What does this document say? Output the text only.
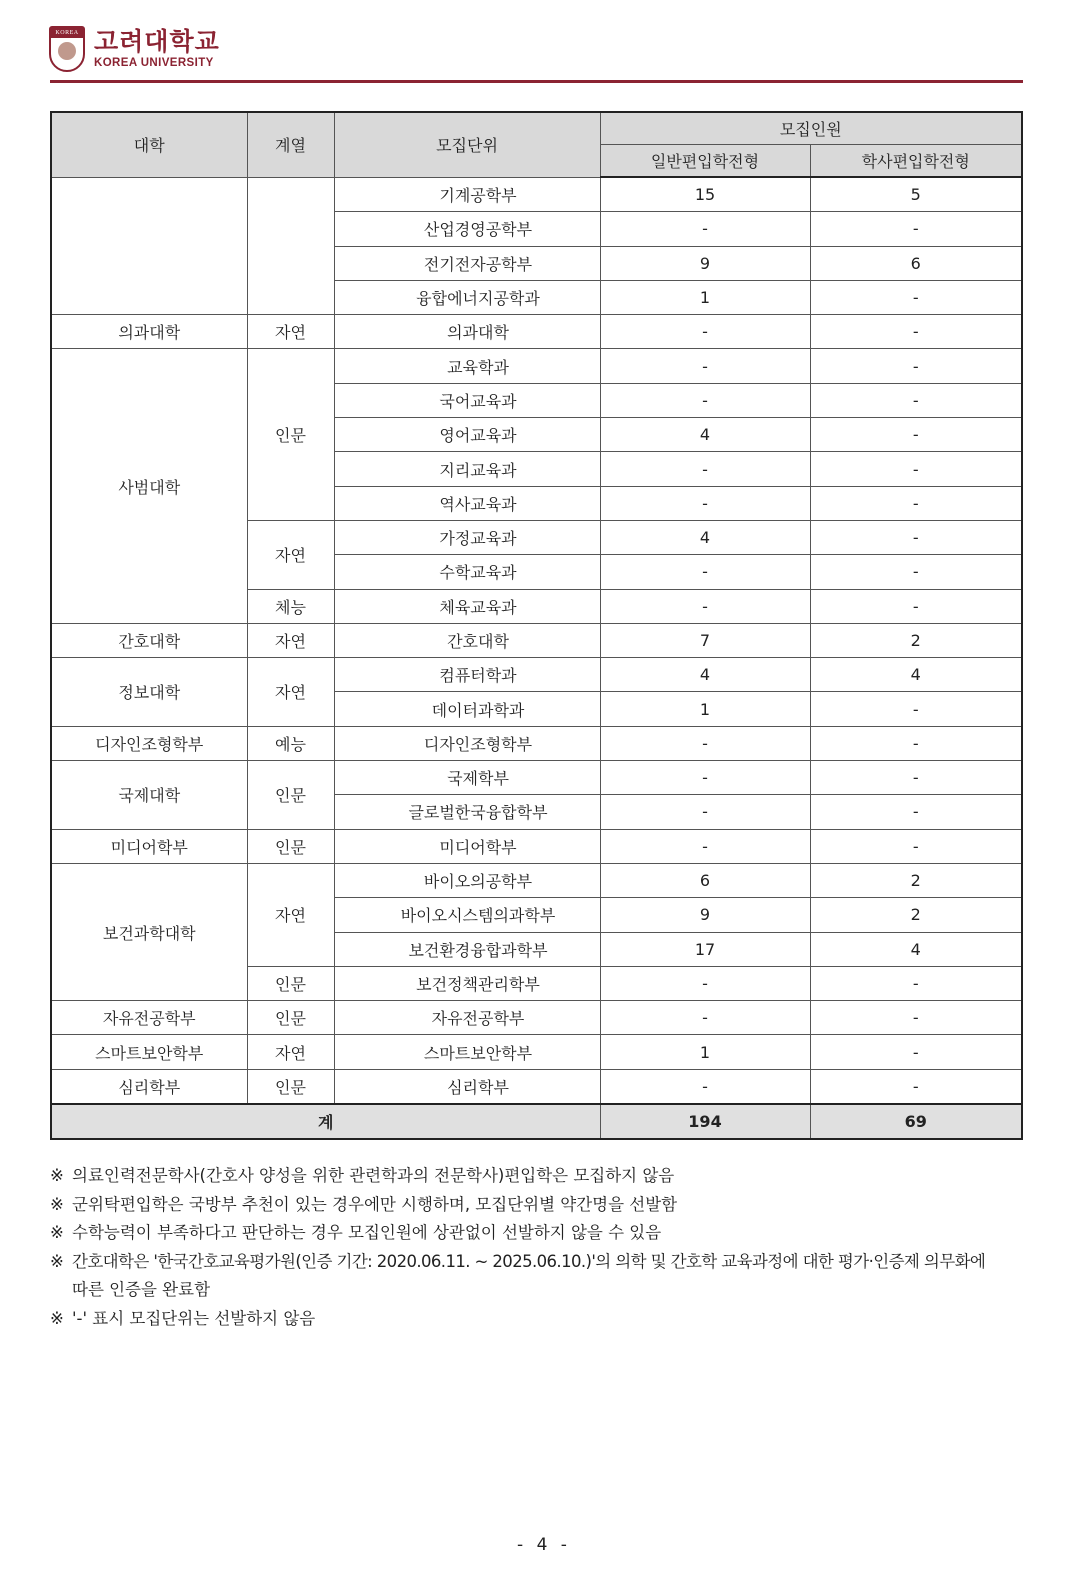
KOREA 고려대학교
KOREA UNIVERSITY
대학	계열	모집단위	모집인원	
			일반편입학전형	학사편입학전형
		기계공학부	15	5
		산업경영공학부	-	-
		전기전자공학부	9	6
		융합에너지공학과	1	-
의과대학	자연	의과대학	-	-
사범대학	인문	교육학과	-	-
		국어교육과	-	-
		영어교육과	4	-
		지리교육과	-	-
		역사교육과	-	-
	자연	가정교육과	4	-
		수학교육과	-	-
	체능	체육교육과	-	-
간호대학	자연	간호대학	7	2
정보대학	자연	컴퓨터학과	4	4
		데이터과학과	1	-
디자인조형학부	예능	디자인조형학부	-	-
국제대학	인문	국제학부	-	-
		글로벌한국융합학부	-	-
미디어학부	인문	미디어학부	-	-
보건과학대학	자연	바이오의공학부	6	2
		바이오시스템의과학부	9	2
		보건환경융합과학부	17	4
	인문	보건정책관리학부	-	-
자유전공학부	인문	자유전공학부	-	-
스마트보안학부	자연	스마트보안학부	1	-
심리학부	인문	심리학부	-	-
계			194	69
※ 의료인력전문학사(간호사 양성을 위한 관련학과의 전문학사)편입학은 모집하지 않음
※ 군위탁편입학은 국방부 추천이 있는 경우에만 시행하며, 모집단위별 약간명을 선발함
※ 수학능력이 부족하다고 판단하는 경우 모집인원에 상관없이 선발하지 않을 수 있음
※ 간호대학은 '한국간호교육평가원(인증 기간: 2020.06.11. ~ 2025.06.10.)'의 의학 및 간호학 교육과정에 대한 평가·인증제 의무화에
따른 인증을 완료함
※ '-' 표시 모집단위는 선발하지 않음
- 4 -
